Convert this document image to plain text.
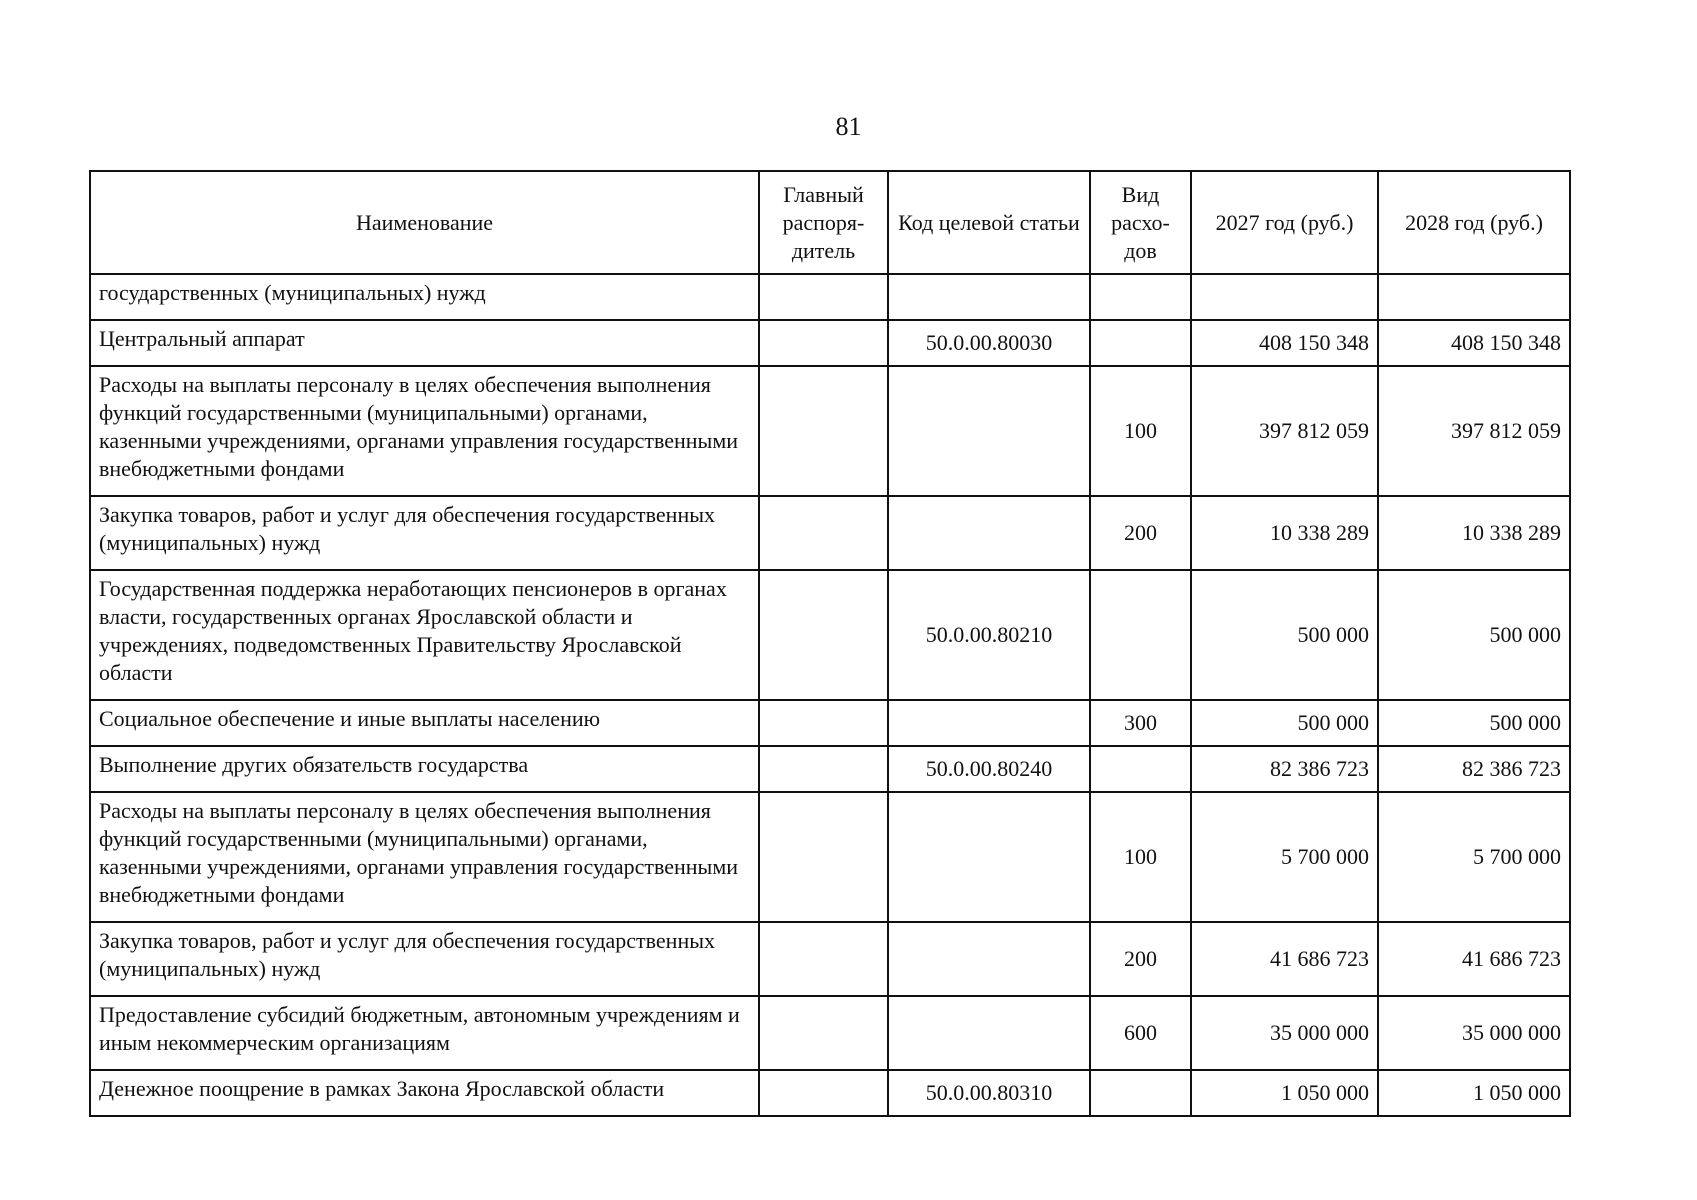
81
Наименование	Главный распоря- дитель	Код целевой статьи	Вид расхо- дов	2027 год (руб.)	2028 год (руб.)
государственных (муниципальных) нужд					
Центральный аппарат		50.0.00.80030		408 150 348	408 150 348
Расходы на выплаты персоналу в целях обеспечения выполнения функций государственными (муниципальными) органами, казенными учреждениями, органами управления государственными внебюджетными фондами			100	397 812 059	397 812 059
Закупка товаров, работ и услуг для обеспечения государственных (муниципальных) нужд			200	10 338 289	10 338 289
Государственная поддержка неработающих пенсионеров в органах власти, государственных органах Ярославской области и учреждениях, подведомственных Правительству Ярославской области		50.0.00.80210		500 000	500 000
Социальное обеспечение и иные выплаты населению			300	500 000	500 000
Выполнение других обязательств государства		50.0.00.80240		82 386 723	82 386 723
Расходы на выплаты персоналу в целях обеспечения выполнения функций государственными (муниципальными) органами, казенными учреждениями, органами управления государственными внебюджетными фондами			100	5 700 000	5 700 000
Закупка товаров, работ и услуг для обеспечения государственных (муниципальных) нужд			200	41 686 723	41 686 723
Предоставление субсидий бюджетным, автономным учреждениям и иным некоммерческим организациям			600	35 000 000	35 000 000
Денежное поощрение в рамках Закона Ярославской области		50.0.00.80310		1 050 000	1 050 000
